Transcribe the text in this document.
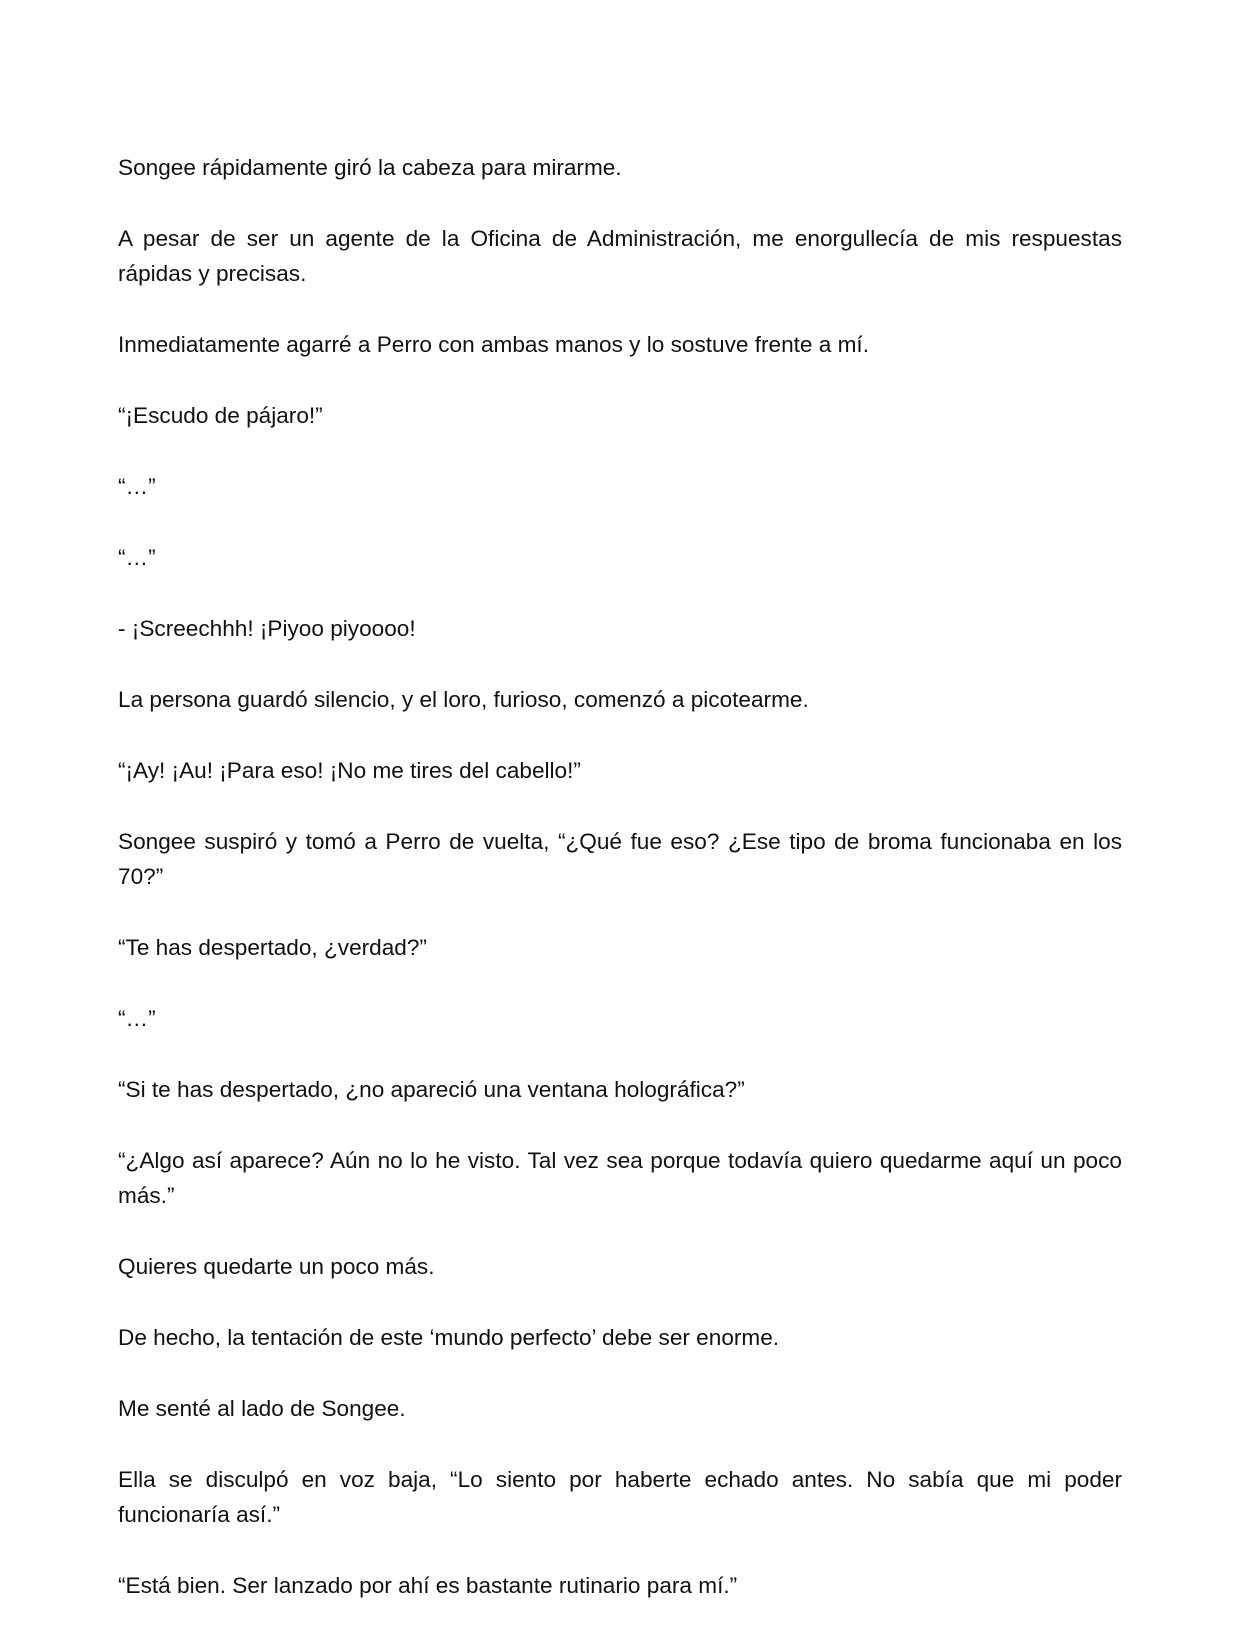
Songee rápidamente giró la cabeza para mirarme.

A pesar de ser un agente de la Oficina de Administración, me enorgullecía de mis respuestas rápidas y precisas.

Inmediatamente agarré a Perro con ambas manos y lo sostuve frente a mí.

“¡Escudo de pájaro!”

“…”

“…”

- ¡Screechhh! ¡Piyoo piyoooo!

La persona guardó silencio, y el loro, furioso, comenzó a picotearme.

“¡Ay! ¡Au! ¡Para eso! ¡No me tires del cabello!”

Songee suspiró y tomó a Perro de vuelta, “¿Qué fue eso? ¿Ese tipo de broma funcionaba en los 70?”

“Te has despertado, ¿verdad?”

“…”

“Si te has despertado, ¿no apareció una ventana holográfica?”

“¿Algo así aparece? Aún no lo he visto. Tal vez sea porque todavía quiero quedarme aquí un poco más.”

Quieres quedarte un poco más.

De hecho, la tentación de este ‘mundo perfecto’ debe ser enorme.

Me senté al lado de Songee.

Ella se disculpó en voz baja, “Lo siento por haberte echado antes. No sabía que mi poder funcionaría así.”

“Está bien. Ser lanzado por ahí es bastante rutinario para mí.”
